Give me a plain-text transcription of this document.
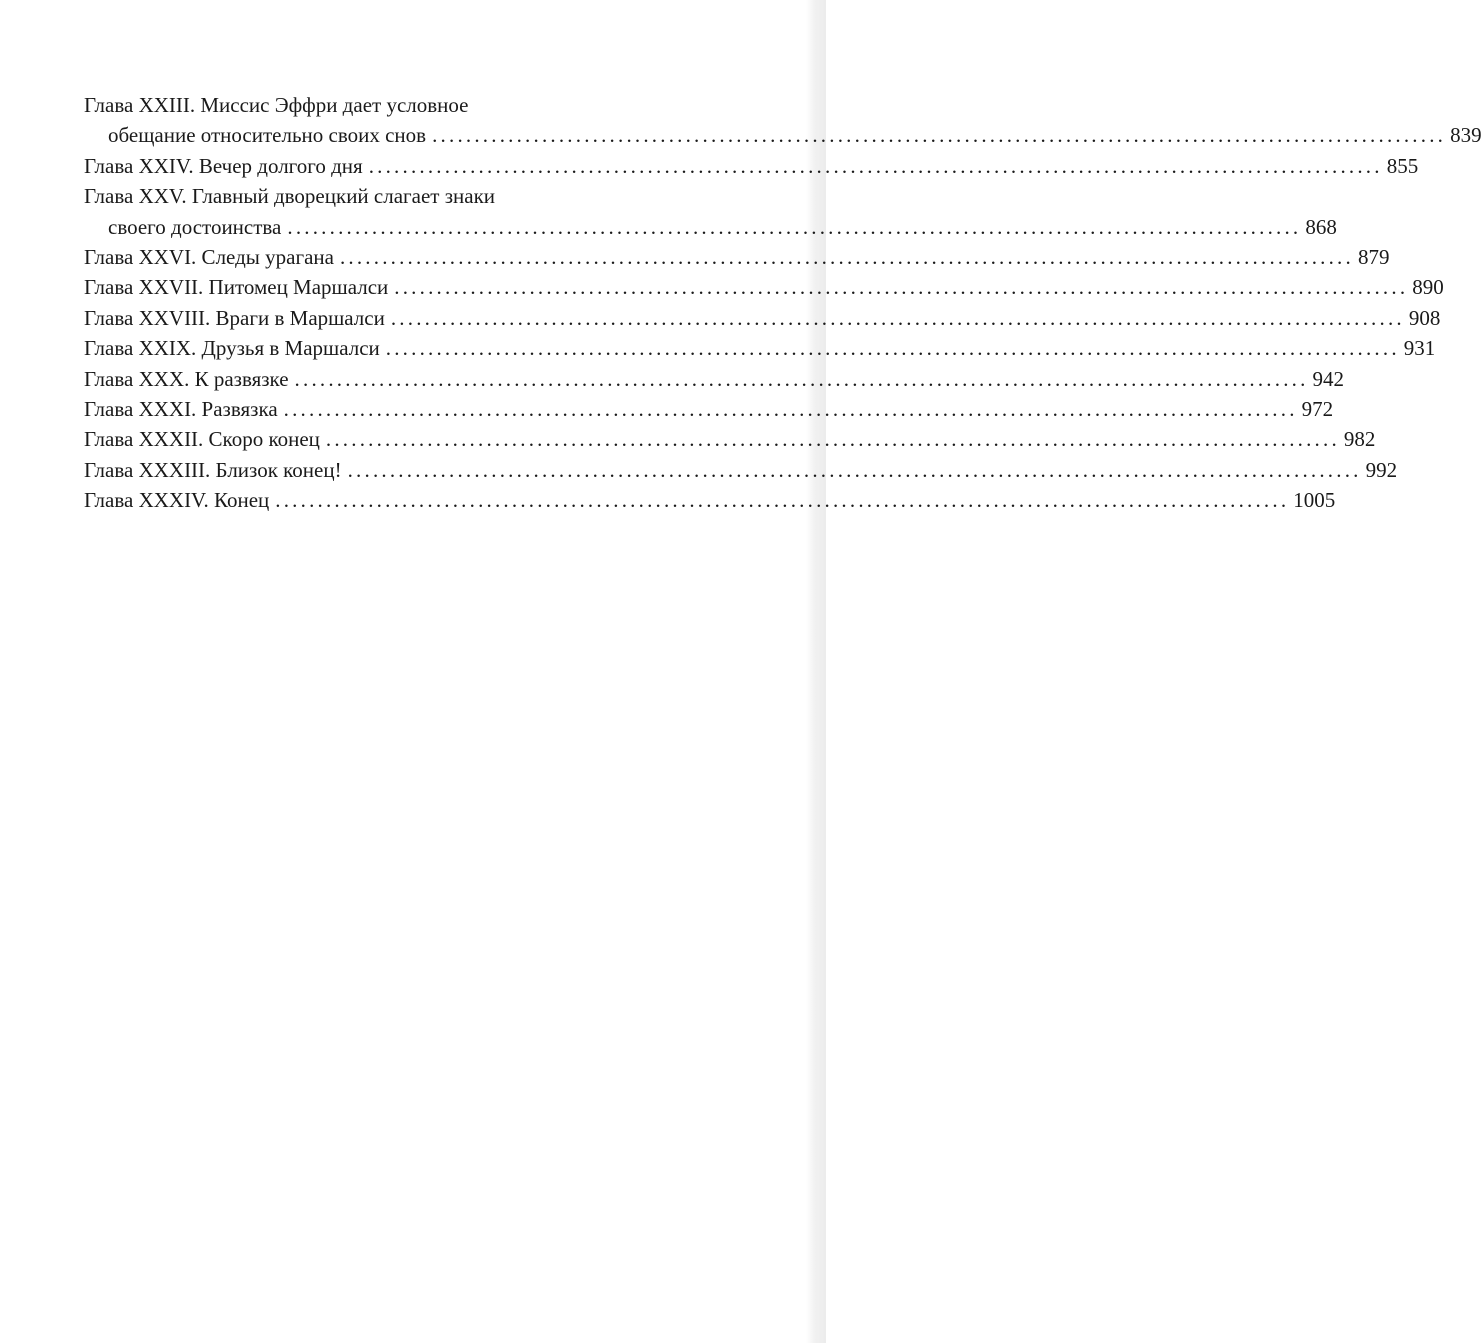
Глава XXIII. Миссис Эффри дает условное
обещание относительно своих снов ........................................................................................................................ 839
Глава XXIV. Вечер долгого дня ........................................................................................................................ 855
Глава XXV. Главный дворецкий слагает знаки
своего достоинства ........................................................................................................................ 868
Глава XXVI. Следы урагана ........................................................................................................................ 879
Глава XXVII. Питомец Маршалси ........................................................................................................................ 890
Глава XXVIII. Враги в Маршалси ........................................................................................................................ 908
Глава XXIX. Друзья в Маршалси ........................................................................................................................ 931
Глава XXX. К развязке ........................................................................................................................ 942
Глава XXXI. Развязка ........................................................................................................................ 972
Глава XXXII. Скоро конец ........................................................................................................................ 982
Глава XXXIII. Близок конец! ........................................................................................................................ 992
Глава XXXIV. Конец ........................................................................................................................ 1005
